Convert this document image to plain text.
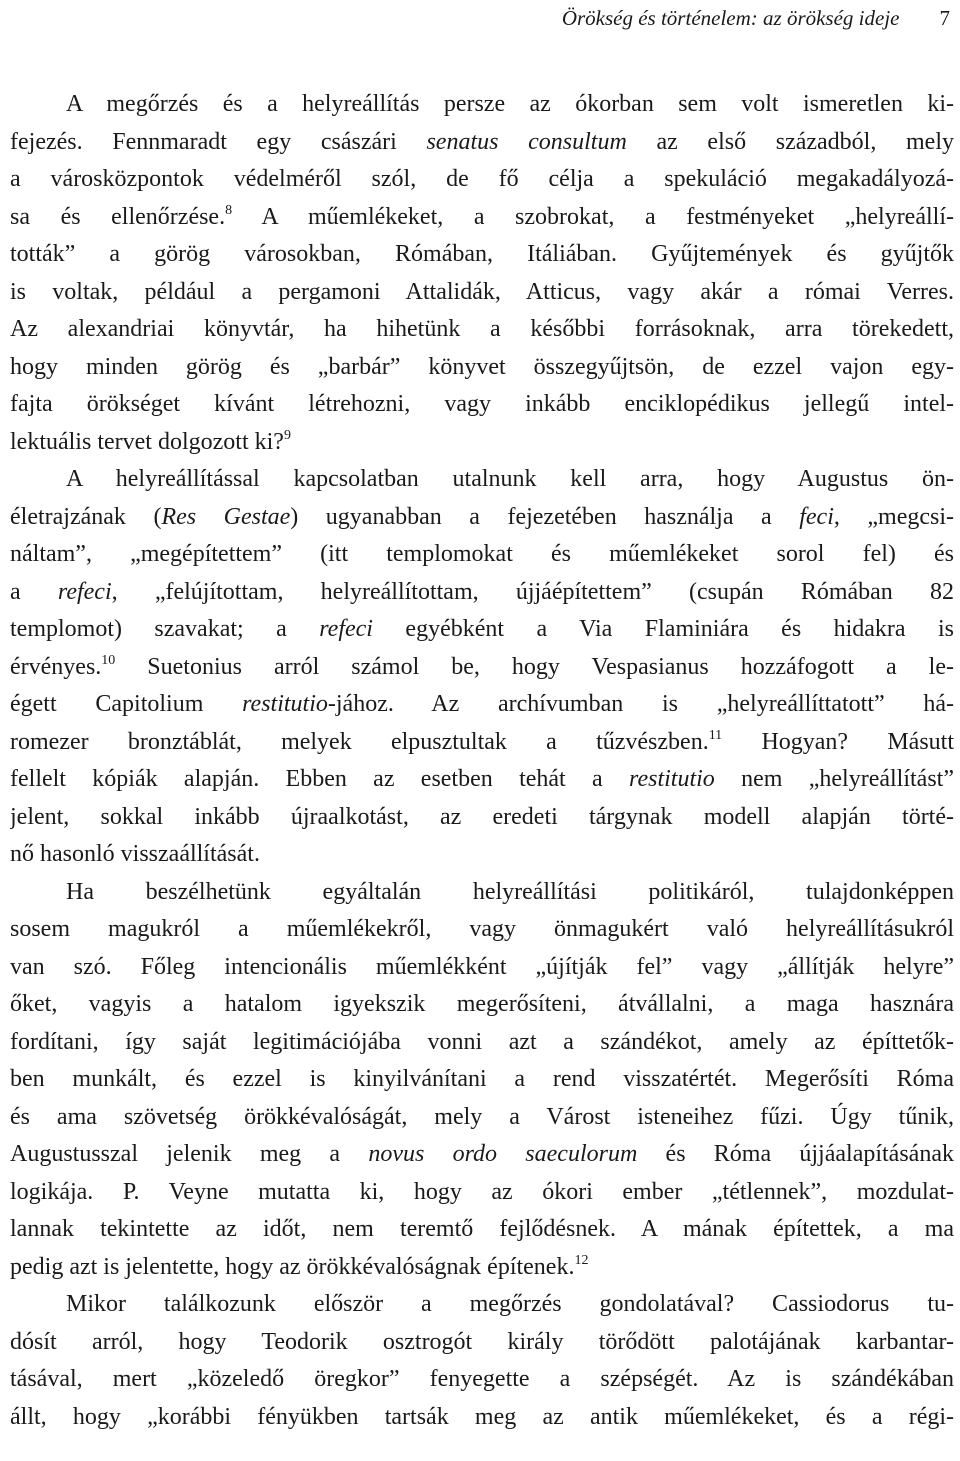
Örökség és történelem: az örökség ideje 7
A megőrzés és a helyreállítás persze az ókorban sem volt ismeretlen ki-
fejezés. Fennmaradt egy császári senatus consultum az első századból, mely
a városközpontok védelméről szól, de fő célja a spekuláció megakadályozá-
sa és ellenőrzése.$^8$ A műemlékeket, a szobrokat, a festményeket „helyreállí-
tották” a görög városokban, Rómában, Itáliában. Gyűjtemények és gyűjtők
is voltak, például a pergamoni Attalidák, Atticus, vagy akár a római Verres.
Az alexandriai könyvtár, ha hihetünk a későbbi forrásoknak, arra törekedett,
hogy minden görög és „barbár” könyvet összegyűjtsön, de ezzel vajon egy-
fajta örökséget kívánt létrehozni, vagy inkább enciklopédikus jellegű intel-
lektuális tervet dolgozott ki?$^9$
A helyreállítással kapcsolatban utalnunk kell arra, hogy Augustus ön-
életrajzának (Res Gestae) ugyanabban a fejezetében használja a feci, „megcsi-
náltam”, „megépítettem” (itt templomokat és műemlékeket sorol fel) és
a refeci, „felújítottam, helyreállítottam, újjáépítettem” (csupán Rómában 82
templomot) szavakat; a refeci egyébként a Via Flaminiára és hidakra is
érvényes.$^{10}$ Suetonius arról számol be, hogy Vespasianus hozzáfogott a le-
égett Capitolium restitutio-jához. Az archívumban is „helyreállíttatott” há-
romezer bronztáblát, melyek elpusztultak a tűzvészben.$^{11}$ Hogyan? Másutt
fellelt kópiák alapján. Ebben az esetben tehát a restitutio nem „helyreállítást”
jelent, sokkal inkább újraalkotást, az eredeti tárgynak modell alapján törté-
nő hasonló visszaállítását.
Ha beszélhetünk egyáltalán helyreállítási politikáról, tulajdonképpen
sosem magukról a műemlékekről, vagy önmagukért való helyreállításukról
van szó. Főleg intencionális műemlékként „újítják fel” vagy „állítják helyre”
őket, vagyis a hatalom igyekszik megerősíteni, átvállalni, a maga hasznára
fordítani, így saját legitimációjába vonni azt a szándékot, amely az építtetők-
ben munkált, és ezzel is kinyilvánítani a rend visszatértét. Megerősíti Róma
és ama szövetség örökkévalóságát, mely a Várost isteneihez fűzi. Úgy tűnik,
Augustusszal jelenik meg a novus ordo saeculorum és Róma újjáalapításának
logikája. P. Veyne mutatta ki, hogy az ókori ember „tétlennek”, mozdulat-
lannak tekintette az időt, nem teremtő fejlődésnek. A mának építettek, a ma
pedig azt is jelentette, hogy az örökkévalóságnak építenek.$^{12}$
Mikor találkozunk először a megőrzés gondolatával? Cassiodorus tu-
dósít arról, hogy Teodorik osztrogót király törődött palotájának karbantar-
tásával, mert „közeledő öregkor” fenyegette a szépségét. Az is szándékában
állt, hogy „korábbi fényükben tartsák meg az antik műemlékeket, és a régi-
